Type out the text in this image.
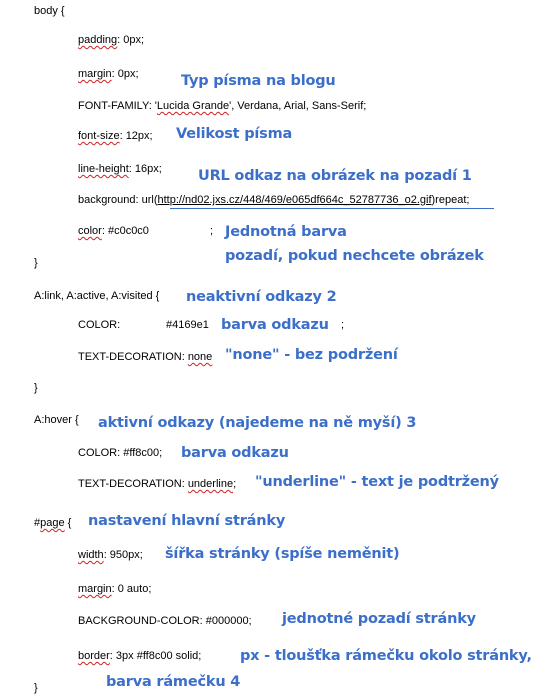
body {
padding: 0px;
margin: 0px;
FONT-FAMILY: 'Lucida Grande', Verdana, Arial, Sans-Serif;
font-size: 12px;
line-height: 16px;
background: url(http://nd02.jxs.cz/448/469/e065df664c_52787736_o2.gif)repeat;
color: #c0c0c0	;
}
A:link, A:active, A:visited {
COLOR:	#4169e1	;
TEXT-DECORATION: none
}
A:hover {
COLOR: #ff8c00;
TEXT-DECORATION: underline;
#page {
width: 950px;
margin: 0 auto;
BACKGROUND-COLOR: #000000;
border: 3px #ff8c00 solid;
}
Typ písma na blogu
Velikost písma
URL odkaz na obrázek na pozadí 1
Jednotná barva
pozadí, pokud nechcete obrázek
neaktivní odkazy 2
barva odkazu
"none" - bez podržení
aktivní odkazy (najedeme na ně myší) 3
barva odkazu
"underline" - text je podtržený
nastavení hlavní stránky
šířka stránky (spíše neměnit)
jednotné pozadí stránky
px - tloušťka rámečku okolo stránky,
barva rámečku 4
